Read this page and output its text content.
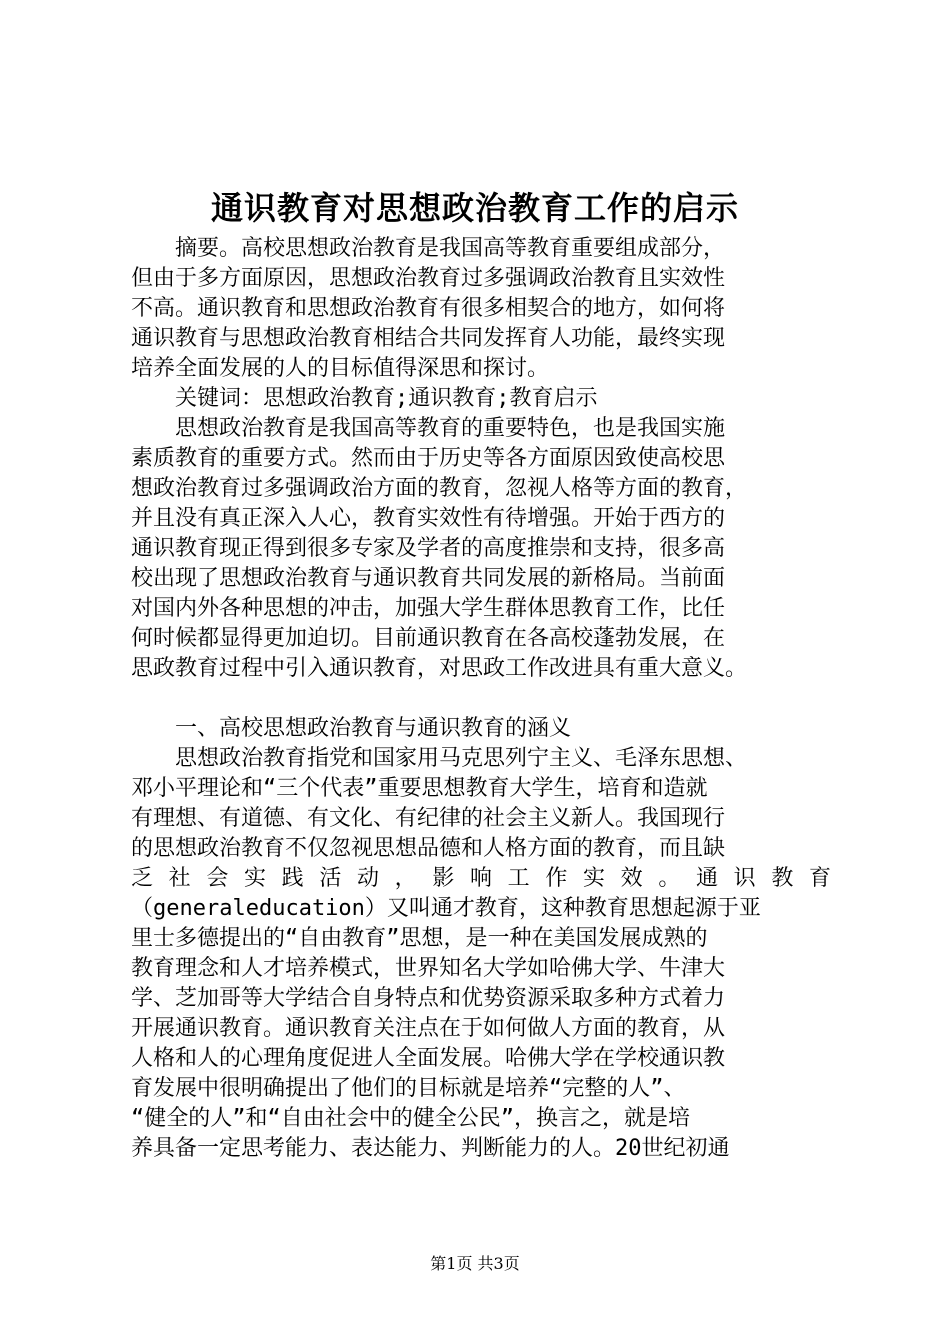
通识教育对思想政治教育工作的启示
　　摘要。高校思想政治教育是我国高等教育重要组成部分，
但由于多方面原因，思想政治教育过多强调政治教育且实效性
不高。通识教育和思想政治教育有很多相契合的地方，如何将
通识教育与思想政治教育相结合共同发挥育人功能，最终实现
培养全面发展的人的目标值得深思和探讨。
　　关键词：思想政治教育;通识教育;教育启示
　　思想政治教育是我国高等教育的重要特色，也是我国实施
素质教育的重要方式。然而由于历史等各方面原因致使高校思
想政治教育过多强调政治方面的教育，忽视人格等方面的教育，
并且没有真正深入人心，教育实效性有待增强。开始于西方的
通识教育现正得到很多专家及学者的高度推崇和支持，很多高
校出现了思想政治教育与通识教育共同发展的新格局。当前面
对国内外各种思想的冲击，加强大学生群体思教育工作，比任
何时候都显得更加迫切。目前通识教育在各高校蓬勃发展，在
思政教育过程中引入通识教育，对思政工作改进具有重大意义。
　　一、高校思想政治教育与通识教育的涵义
　　思想政治教育指党和国家用马克思列宁主义、毛泽东思想、
邓小平理论和“三个代表”重要思想教育大学生，培育和造就
有理想、有道德、有文化、有纪律的社会主义新人。我国现行
的思想政治教育不仅忽视思想品德和人格方面的教育，而且缺
乏 社 会 实 践 活 动 ， 影 响 工 作 实 效 。 通 识 教 育
（generaleducation）又叫通才教育，这种教育思想起源于亚
里士多德提出的“自由教育”思想，是一种在美国发展成熟的
教育理念和人才培养模式，世界知名大学如哈佛大学、牛津大
学、芝加哥等大学结合自身特点和优势资源采取多种方式着力
开展通识教育。通识教育关注点在于如何做人方面的教育，从
人格和人的心理角度促进人全面发展。哈佛大学在学校通识教
育发展中很明确提出了他们的目标就是培养“完整的人”、
“健全的人”和“自由社会中的健全公民”，换言之，就是培
养具备一定思考能力、表达能力、判断能力的人。20世纪初通
第1页 共3页
